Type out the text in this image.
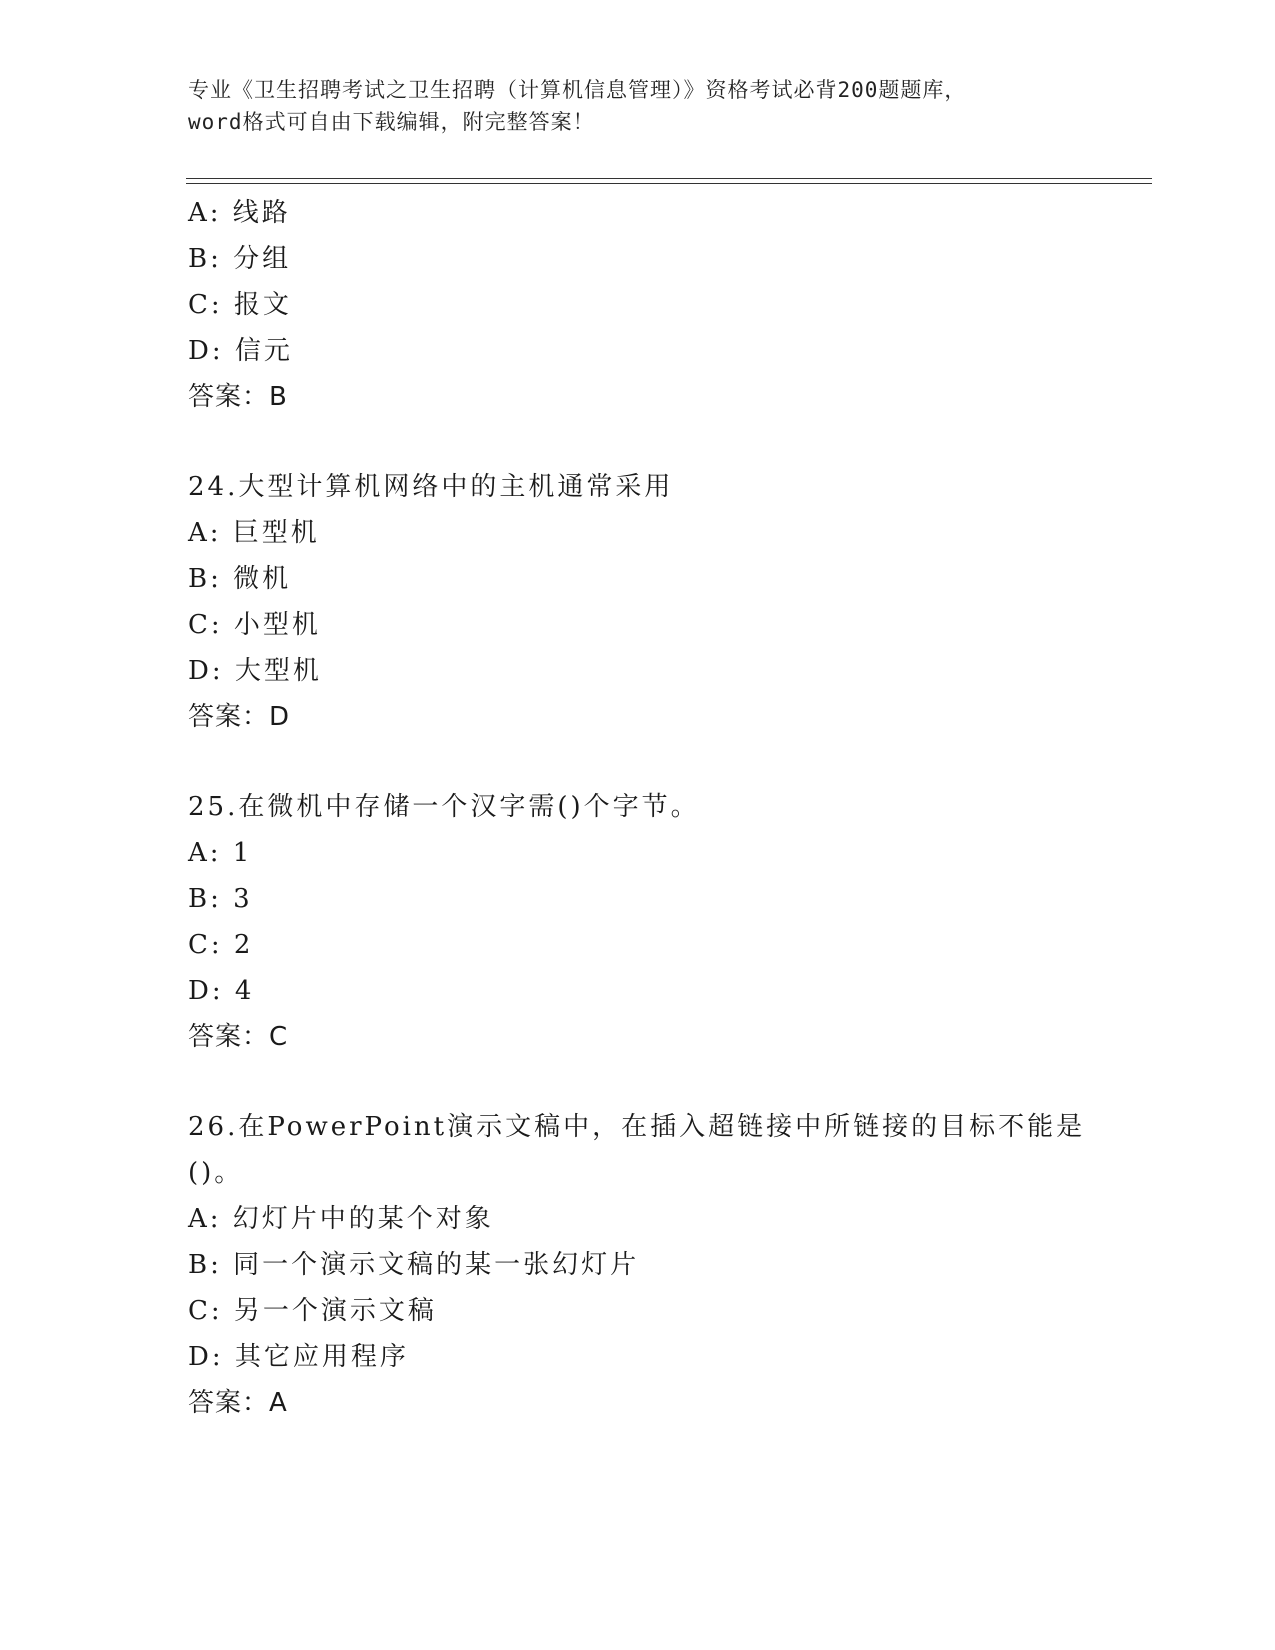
专业《卫生招聘考试之卫生招聘（计算机信息管理）》资格考试必背200题题库，
word格式可自由下载编辑，附完整答案！
A: 线路
B: 分组
C: 报文
D: 信元
答案：B
24.大型计算机网络中的主机通常采用
A: 巨型机
B: 微机
C: 小型机
D: 大型机
答案：D
25.在微机中存储一个汉字需()个字节。
A: 1
B: 3
C: 2
D: 4
答案：C
26.在PowerPoint演示文稿中，在插入超链接中所链接的目标不能是
()。
A: 幻灯片中的某个对象
B: 同一个演示文稿的某一张幻灯片
C: 另一个演示文稿
D: 其它应用程序
答案：A
